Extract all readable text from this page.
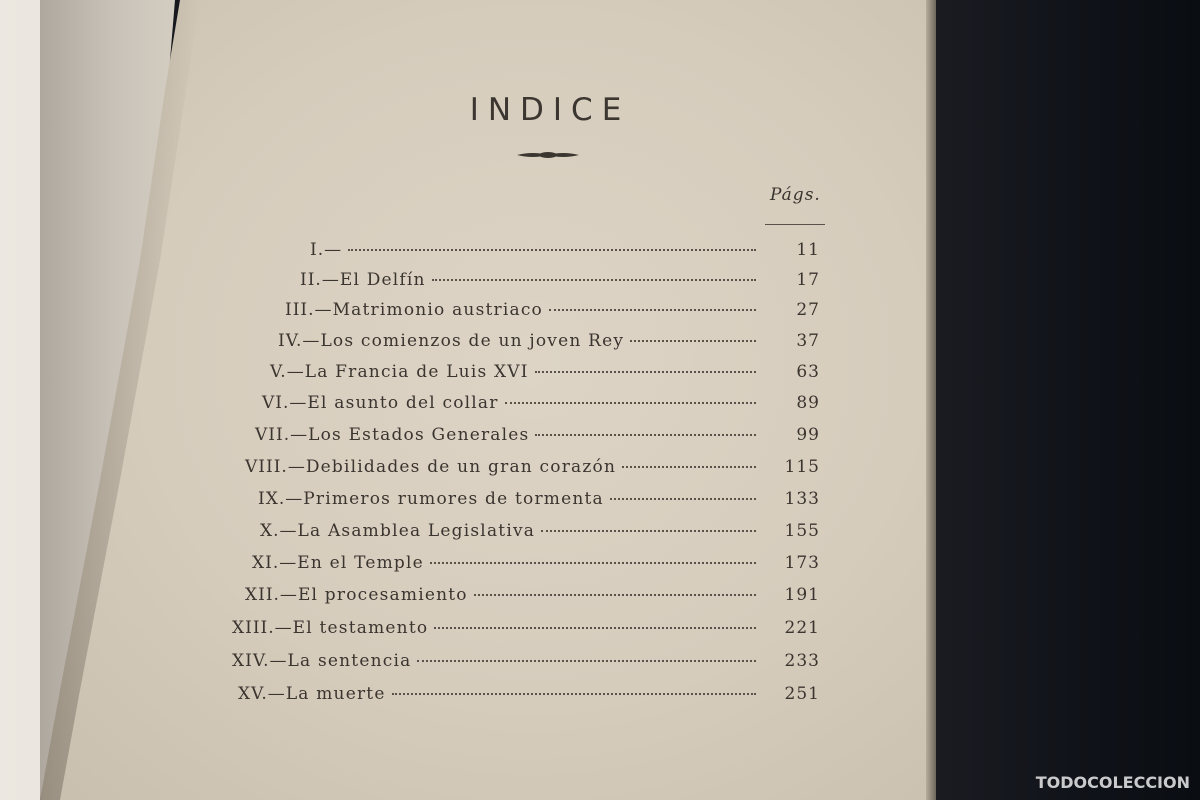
INDICE
Págs.
I.—	11
II.— El Delfín	17
III.— Matrimonio austriaco	27
IV.— Los comienzos de un joven Rey	37
V.— La Francia de Luis XVI	63
VI.— El asunto del collar	89
VII.— Los Estados Generales	99
VIII.— Debilidades de un gran corazón	115
IX.— Primeros rumores de tormenta	133
X.— La Asamblea Legislativa	155
XI.— En el Temple	173
XII.— El procesamiento	191
XIII.— El testamento	221
XIV.— La sentencia	233
XV.— La muerte	251
TODOCOLECCION
